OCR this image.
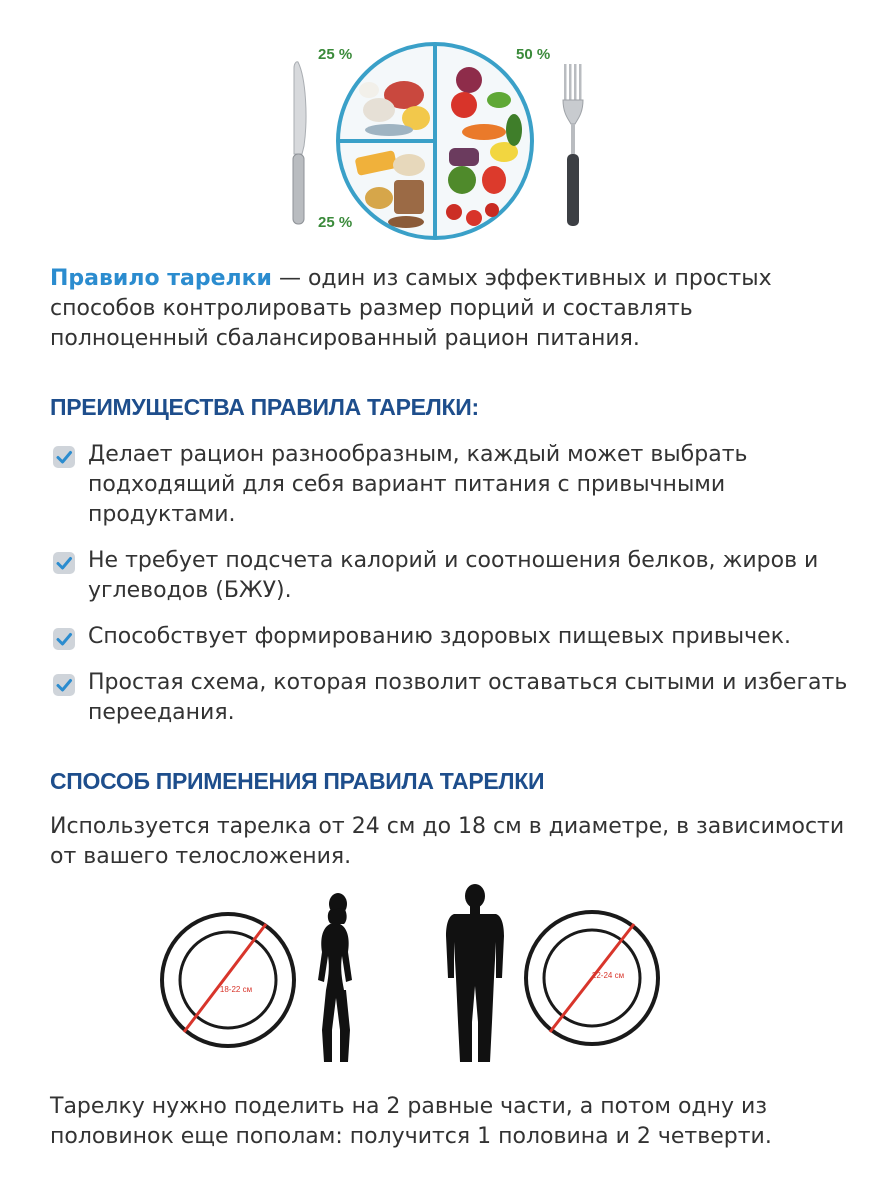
25 %	50 %
25 %

Правило тарелки — один из самых эффективных и простых способов контролировать размер порций и составлять полноценный сбалансированный рацион питания.

ПРЕИМУЩЕСТВА ПРАВИЛА ТАРЕЛКИ:
Делает рацион разнообразным, каждый может выбрать подходящий для себя вариант питания с привычными продуктами.
Не требует подсчета калорий и соотношения белков, жиров и углеводов (БЖУ).
Способствует формированию здоровых пищевых привычек.
Простая схема, которая позволит оставаться сытыми и избегать переедания.
СПОСОБ ПРИМЕНЕНИЯ ПРАВИЛА ТАРЕЛКИ

Используется тарелка от 24 см до 18 см в диаметре, в зависимости от вашего телосложения.

18-22 см
22-24 см

Тарелку нужно поделить на 2 равные части, а потом одну из половинок еще пополам: получится 1 половина и 2 четверти.
